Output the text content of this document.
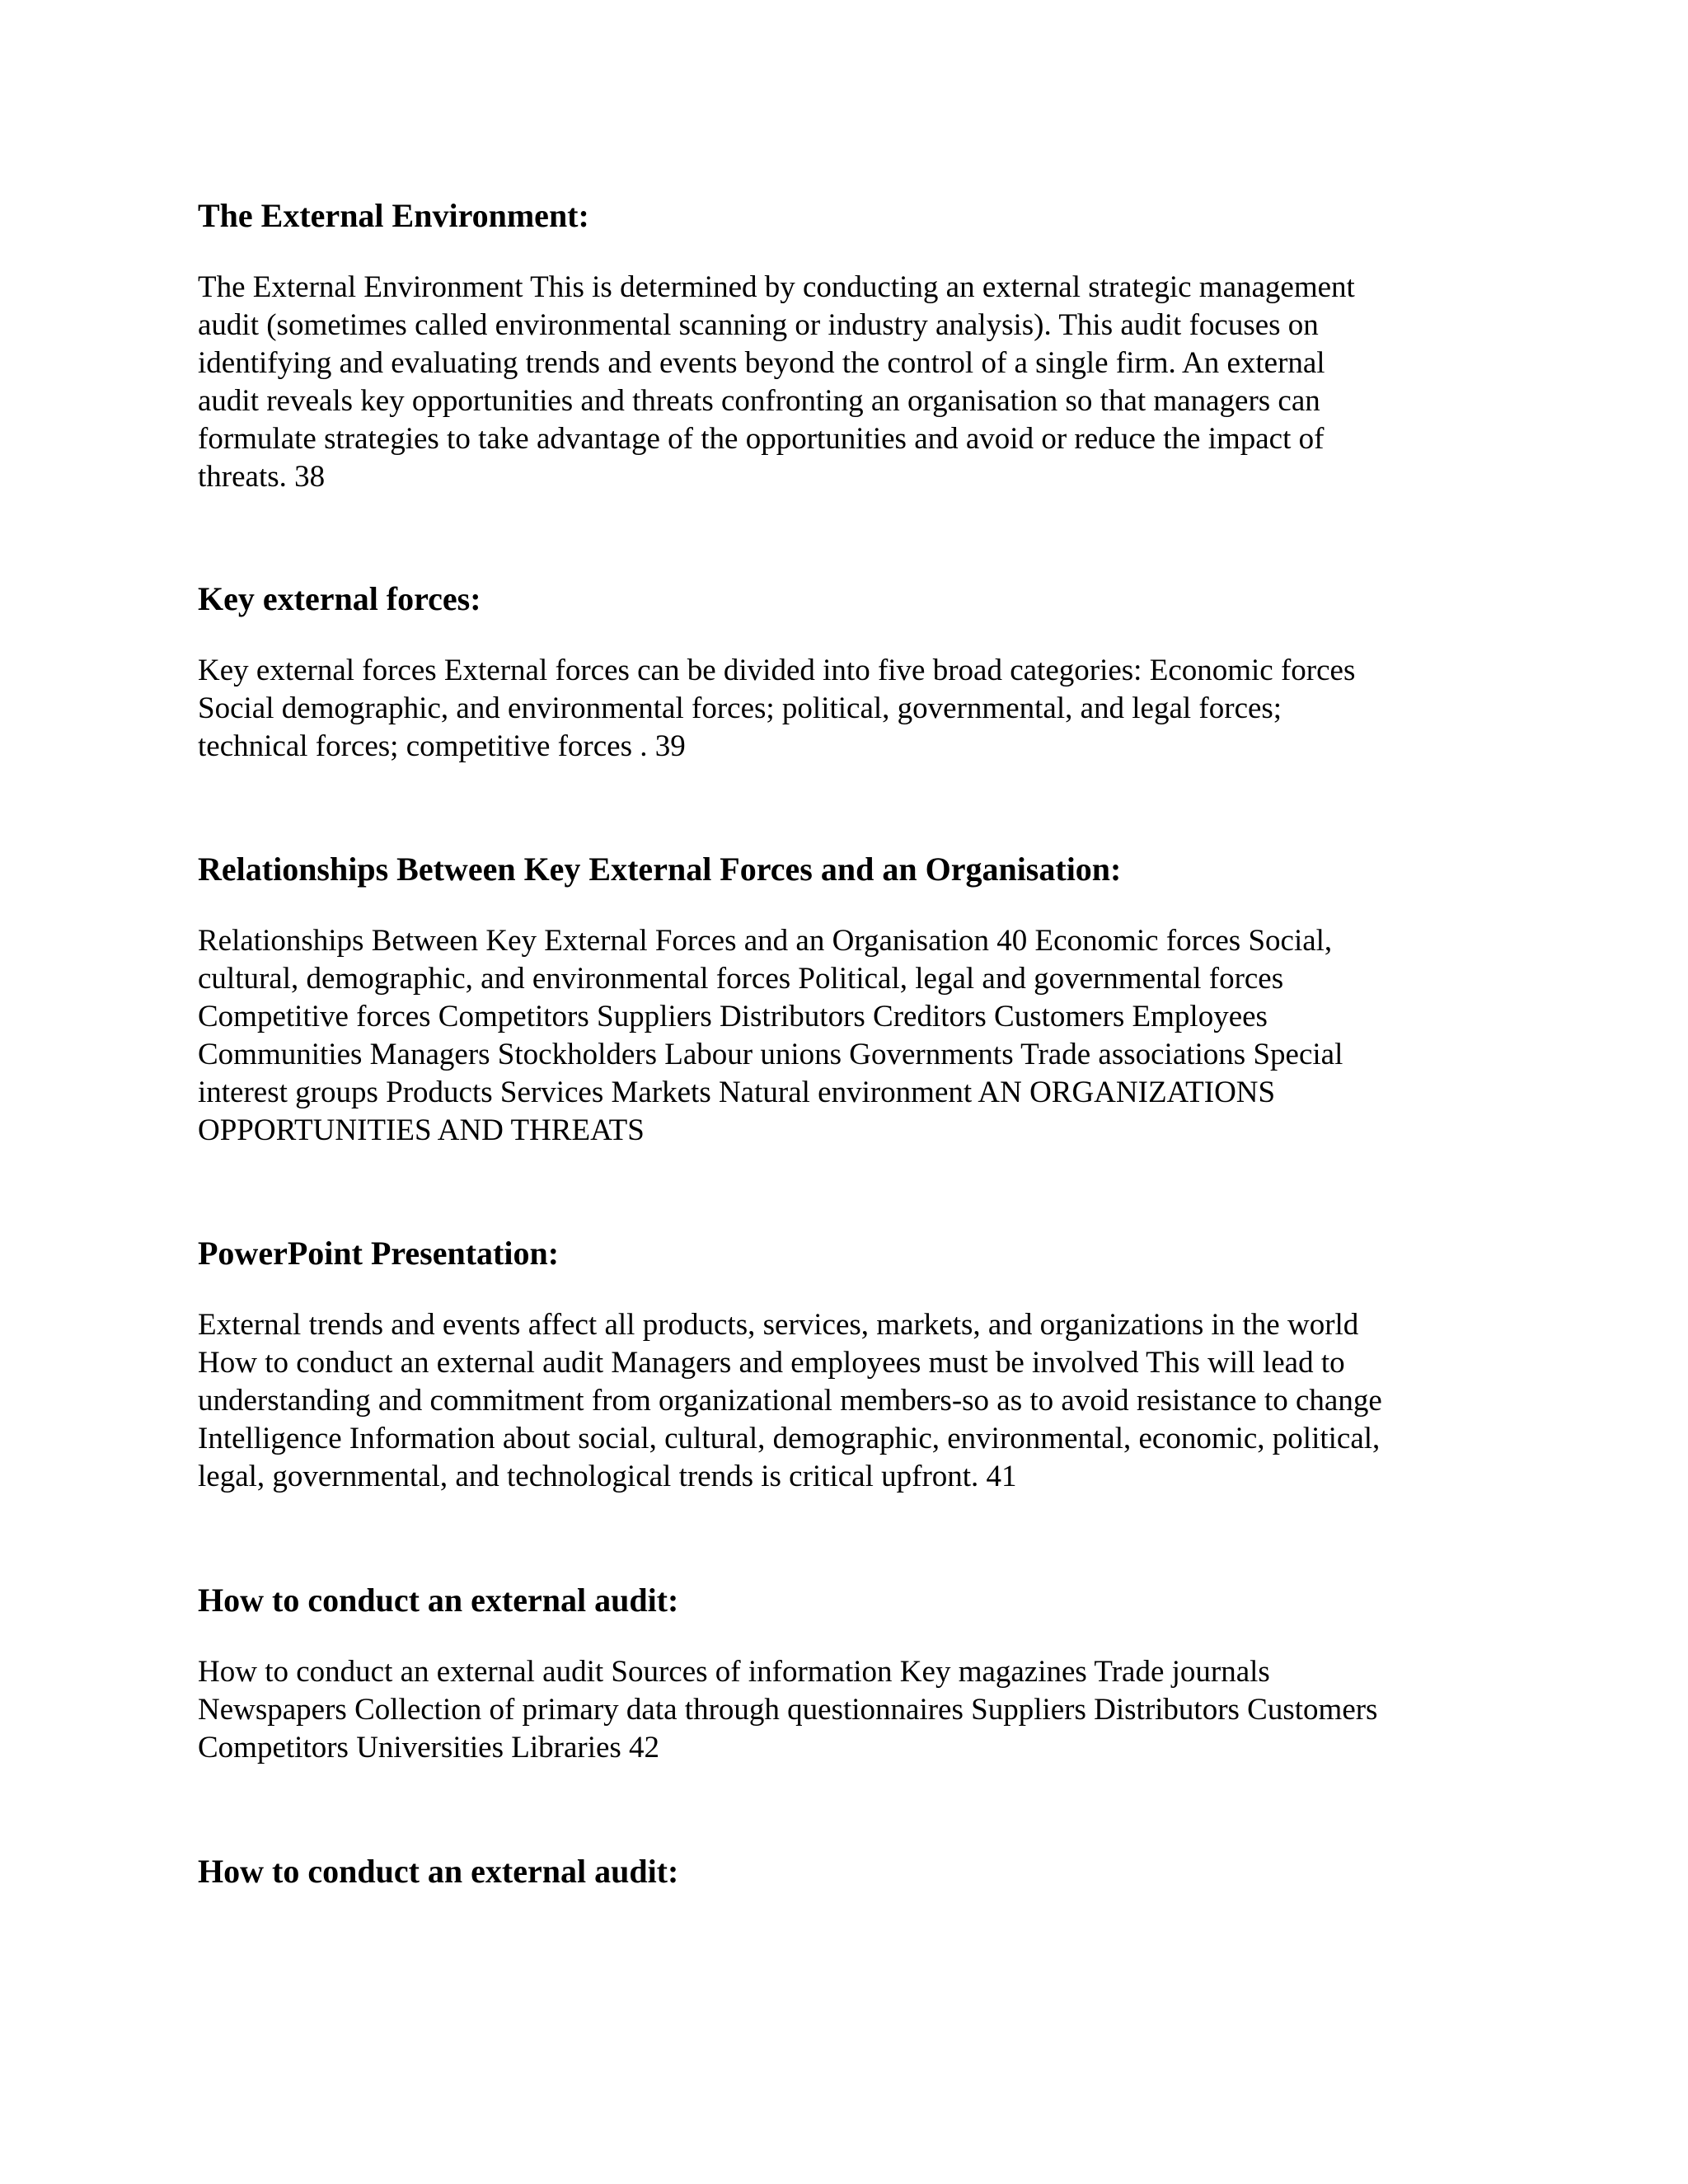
The External Environment:

The External Environment This is determined by conducting an external strategic management
audit (sometimes called environmental scanning or industry analysis). This audit focuses on
identifying and evaluating trends and events beyond the control of a single firm. An external
audit reveals key opportunities and threats confronting an organisation so that managers can
formulate strategies to take advantage of the opportunities and avoid or reduce the impact of
threats. 38

Key external forces:

Key external forces External forces can be divided into five broad categories: Economic forces
Social demographic, and environmental forces; political, governmental, and legal forces;
technical forces; competitive forces . 39

Relationships Between Key External Forces and an Organisation:

Relationships Between Key External Forces and an Organisation 40 Economic forces Social,
cultural, demographic, and environmental forces Political, legal and governmental forces
Competitive forces Competitors Suppliers Distributors Creditors Customers Employees
Communities Managers Stockholders Labour unions Governments Trade associations Special
interest groups Products Services Markets Natural environment AN ORGANIZATIONS
OPPORTUNITIES AND THREATS

PowerPoint Presentation:

External trends and events affect all products, services, markets, and organizations in the world
How to conduct an external audit Managers and employees must be involved This will lead to
understanding and commitment from organizational members-so as to avoid resistance to change
Intelligence Information about social, cultural, demographic, environmental, economic, political,
legal, governmental, and technological trends is critical upfront. 41

How to conduct an external audit:

How to conduct an external audit Sources of information Key magazines Trade journals
Newspapers Collection of primary data through questionnaires Suppliers Distributors Customers
Competitors Universities Libraries 42

How to conduct an external audit:
